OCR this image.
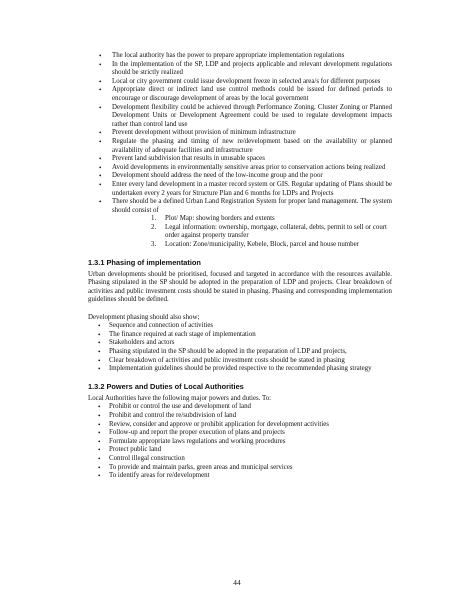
• The local authority has the power to prepare appropriate implementation regulations
• In the implementation of the SP, LDP and projects applicable and relevant development regulations should be strictly realized
• Local or city government could issue development freeze in selected area/s for different purposes
• Appropriate direct or indirect land use control methods could be issued for defined periods to encourage or discourage development of areas by the local government
• Development flexibility could be achieved through Performance Zoning, Cluster Zoning or Planned Development Units or Development Agreement could be used to regulate development impacts rather than control land use
• Prevent development without provision of minimum infrastructure
• Regulate the phasing and timing of new re/development based on the availability or planned availability of adequate facilities and infrastructure
• Prevent land subdivision that results in unusable spaces
• Avoid developments in environmentally sensitive areas prior to conservation actions being realized
• Development should address the need of the low-income group and the poor
• Enter every land development in a master record system or GIS. Regular updating of Plans should be undertaken every 2 years for Structure Plan and 6 months for LDPs and Projects
• There should be a defined Urban Land Registration System for proper land management. The system should consist of
1. Plot/ Map: showing borders and extents
2. Legal information: ownership, mortgage, collateral, debts, permit to sell or court order against property transfer
3. Location: Zone/municipality, Kebele, Block, parcel and house number
1.3.1 Phasing of implementation

Urban developments should be prioritised, focused and targeted in accordance with the resources available. Phasing stipulated in the SP should be adopted in the preparation of LDP and projects. Clear breakdown of activities and public investment costs should be stated in phasing. Phasing and corresponding implementation guidelines should be defined.

Development phasing should also show;

• Sequence and connection of activities
• The finance required at each stage of implementation
• Stakeholders and actors
• Phasing stipulated in the SP should be adopted in the preparation of LDP and projects,
• Clear breakdown of activities and public investment costs should be stated in phasing
• Implementation guidelines should be provided respective to the recommended phasing strategy
1.3.2 Powers and Duties of Local Authorities

Local Authorities have the following major powers and duties. To:

• Prohibit or control the use and development of land
• Prohibit and control the re/subdivision of land
• Review, consider and approve or prohibit application for development activities
• Follow-up and report the proper execution of plans and projects
• Formulate appropriate laws regulations and working procedures
• Protect public land
• Control illegal construction
• To provide and maintain parks, green areas and municipal services
• To identify areas for re/development
44
